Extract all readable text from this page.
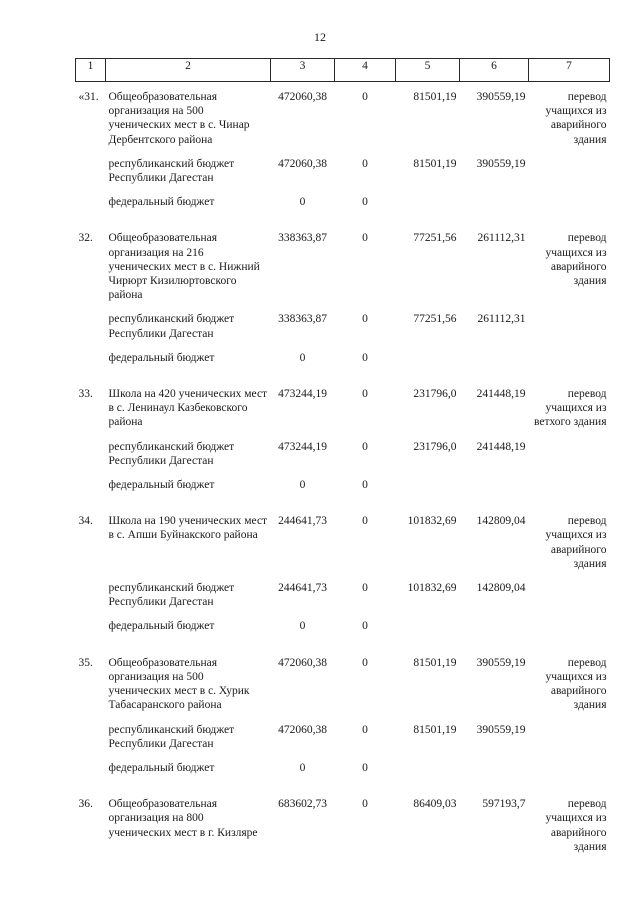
12
1	2	3	4	5	6	7
«31.	Общеобразовательная организация на 500 ученических мест в с. Чинар Дербентского района	472060,38	0	81501,19	390559,19	перевод учащихся из аварийного здания
	республиканский бюджет Республики Дагестан	472060,38	0	81501,19	390559,19	
	федеральный бюджет	0	0			
32.	Общеобразовательная организация на 216 ученических мест в с. Нижний Чирюрт Кизилюртовского района	338363,87	0	77251,56	261112,31	перевод учащихся из аварийного здания
	республиканский бюджет Республики Дагестан	338363,87	0	77251,56	261112,31	
	федеральный бюджет	0	0			
33.	Школа на 420 ученических мест в с. Ленинаул Казбековского района	473244,19	0	231796,0	241448,19	перевод учащихся из ветхого здания
	республиканский бюджет Республики Дагестан	473244,19	0	231796,0	241448,19	
	федеральный бюджет	0	0			
34.	Школа на 190 ученических мест в с. Апши Буйнакского района	244641,73	0	101832,69	142809,04	перевод учащихся из аварийного здания
	республиканский бюджет Республики Дагестан	244641,73	0	101832,69	142809,04	
	федеральный бюджет	0	0			
35.	Общеобразовательная организация на 500 ученических мест в с. Хурик Табасаранского района	472060,38	0	81501,19	390559,19	перевод учащихся из аварийного здания
	республиканский бюджет Республики Дагестан	472060,38	0	81501,19	390559,19	
	федеральный бюджет	0	0			
36.	Общеобразовательная организация на 800 ученических мест в г. Кизляре	683602,73	0	86409,03	597193,7	перевод учащихся из аварийного здания
